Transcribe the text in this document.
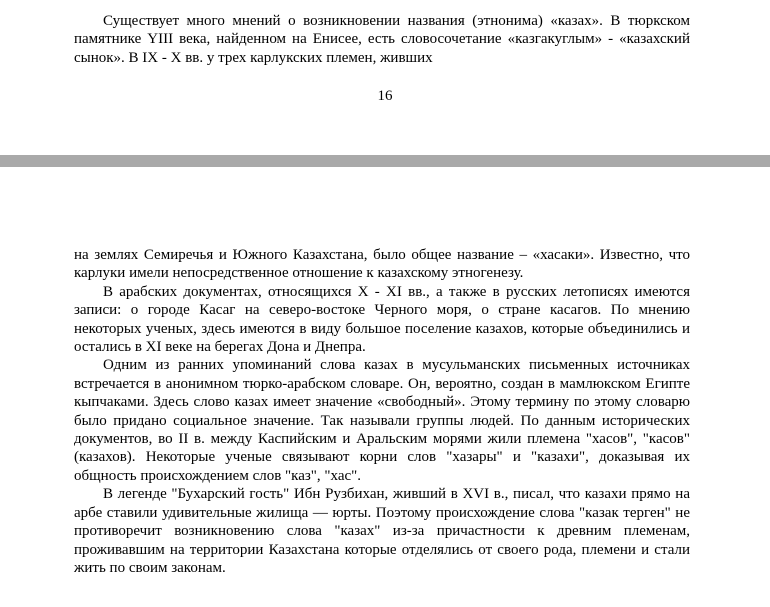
Существует много мнений о возникновении названия (этнонима) «казах». В тюркском памятнике YIII века, найденном на Енисее, есть словосочетание «казгакуглым» - «казахский сынок». В IX - X вв. у трех карлукских племен, живших

16

на землях Семиречья и Южного Казахстана, было общее название – «хасаки». Известно, что карлуки имели непосредственное отношение к казахскому этногенезу.

В арабских документах, относящихся X - XI вв., а также в русских летописях имеются записи: о городе Касаг на северо-востоке Черного моря, о стране касагов. По мнению некоторых ученых, здесь имеются в виду большое поселение казахов, которые объединились и остались в XI веке на берегах Дона и Днепра.

Одним из ранних упоминаний слова казах в мусульманских письменных источниках встречается в анонимном тюрко-арабском словаре. Он, вероятно, создан в мамлюкском Египте кыпчаками. Здесь слово казах имеет значение «свободный». Этому термину по этому словарю было придано социальное значение. Так называли группы людей. По данным исторических документов, во II в. между Каспийским и Аральским морями жили племена "хасов", "касов" (казахов). Некоторые ученые связывают корни слов "хазары" и "казахи", доказывая их общность происхождением слов "каз", "хас".

В легенде "Бухарский гость" Ибн Рузбихан, живший в XVI в., писал, что казахи прямо на арбе ставили удивительные жилища — юрты. Поэтому происхождение слова "казак терген" не противоречит возникновению слова "казах" из-за причастности к древним племенам, проживавшим на территории Казахстана которые отделялись от своего рода, племени и стали жить по своим законам.
